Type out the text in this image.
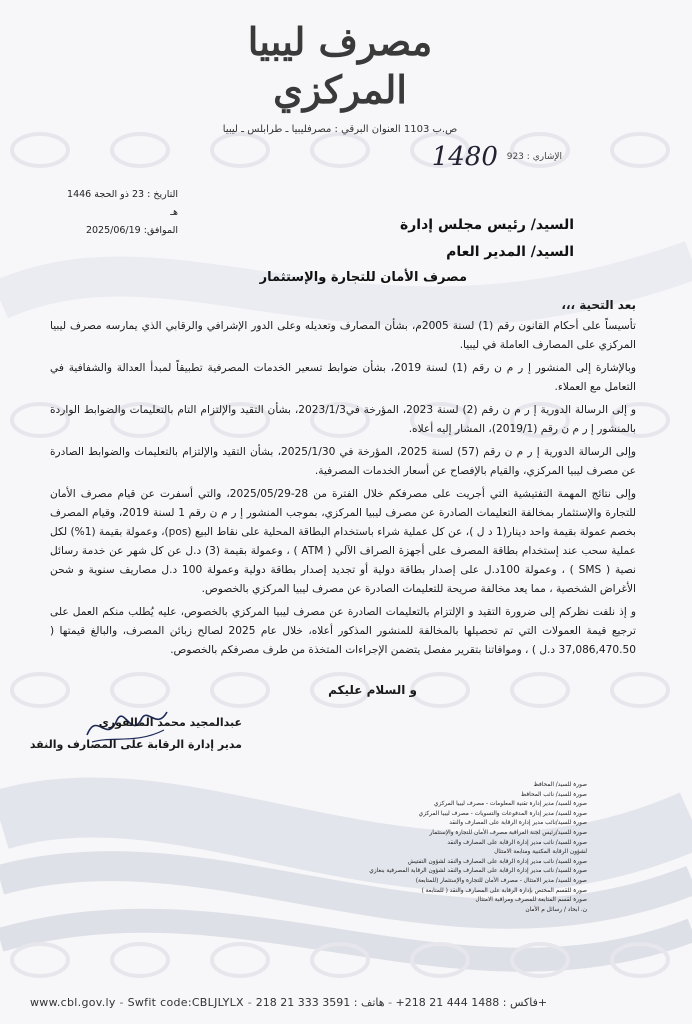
مصرف ليبيا المركزي
ص.ب 1103 العنوان البرقي : مصرفليبيا ـ طرابلس ـ ليبيا
الإشاري : 923 1480
التاريخ : 23 ذو الحجة 1446 هـ
الموافق: 2025/06/19	السيد/ رئيس مجلس إدارة
السيد/ المدير العام
مصرف الأمان للتجارة والإستثمار

بعد التحية ،،،

تأسيساً على أحكام القانون رقم (1) لسنة 2005م، بشأن المصارف وتعديله وعلى الدور الإشرافي والرقابي الذي يمارسه مصرف ليبيا المركزي على المصارف العاملة في ليبيا.

وبالإشارة إلى المنشور إ ر م ن رقم (1) لسنة 2019، بشأن ضوابط تسعير الخدمات المصرفية تطبيقاً لمبدأ العدالة والشفافية في التعامل مع العملاء.

و إلى الرسالة الدورية إ ر م ن رقم (2) لسنة 2023، المؤرخة في2023/1/3، بشأن التقيد والإلتزام التام بالتعليمات والضوابط الواردة بالمنشور إ ر م ن رقم (2019/1)، المشار إليه أعلاه.

وإلى الرسالة الدورية إ ر م ن رقم (57) لسنة 2025، المؤرخة في 2025/1/30، بشأن التقيد والإلتزام بالتعليمات والضوابط الصادرة عن مصرف ليبيا المركزي، والقيام بالإفصاح عن أسعار الخدمات المصرفية.

وإلى نتائج المهمة التفتيشية التي أجريت على مصرفكم خلال الفترة من 28-2025/05/29، والتي أسفرت عن قيام مصرف الأمان للتجارة والإستثمار بمخالفة التعليمات الصادرة عن مصرف ليبيا المركزي، بموجب المنشور إ ر م ن رقم 1 لسنة 2019، وقيام المصرف بخصم عمولة بقيمة واحد دينار(1 د ل )، عن كل عملية شراء باستخدام البطاقة المحلية على نقاط البيع (pos)، وعمولة بقيمة (1%) لكل عملية سحب عند إستخدام بطاقة المصرف على أجهزة الصراف الآلي ( ATM ) ، وعمولة بقيمة (3) د.ل عن كل شهر عن خدمة رسائل نصية ( SMS ) ، وعمولة 100د.ل على إصدار بطاقة دولية أو تجديد إصدار بطاقة دولية وعمولة 100 د.ل مصاريف سنوية و شحن الأغراض الشخصية ، مما يعد مخالفة صريحة للتعليمات الصادرة عن مصرف ليبيا المركزي بالخصوص.

و إذ نلفت نظركم إلى ضرورة التقيد و الإلتزام بالتعليمات الصادرة عن مصرف ليبيا المركزي بالخصوص، عليه يُطلب منكم العمل على ترجيع قيمة العمولات التي تم تحصيلها بالمخالفة للمنشور المذكور أعلاه، خلال عام 2025 لصالح زبائن المصرف، والبالغ قيمتها ( 37,086,470.50 د.ل ) ، وموافاتنا بتقرير مفصل يتضمن الإجراءات المتخذة من طرف مصرفكم بالخصوص.

و السلام عليكم
عبدالمجيد محمد المالقوري
مدير إدارة الرقابة على المصارف والنقد
صورة للسيد/ المحافظ
صورة للسيد/ نائب المحافظ
صورة للسيد/ مدير إدارة تقنية المعلومات - مصرف ليبيا المركزي
صورة للسيد/ مدير إدارة المدفوعات والتسويات - مصرف ليبيا المركزي
صورة للسيد/نائب مدير إدارة الرقابة على المصارف والنقد
صورة للسيد/رئيس لجنة المراقبة مصرف الأمان للتجارة والإستثمار
صورة للسيد/ نائب مدير إدارة الرقابة على المصارف والنقد
لشؤون الرقابة المكتبية ومتابعة الامتثال
صورة للسيد/ نائب مدير إدارة الرقابة على المصارف والنقد لشؤون التفتيش
صورة للسيد/ نائب مدير إدارة الرقابة على المصارف والنقد لشؤون الرقابة المصرفية بنغازي
صورة للسيد/ مدير الامتثال - مصرف الأمان للتجارة والإستثمار (للمتابعة)
صورة للقسم المختص بإدارة الرقابة على المصارف والنقد ( للمتابعة )
صورة لقسم المتابعة للمصرف ومراقبة الامتثال
ن. ابحاد / رسائل م الأمان
www.cbl.gov.ly - Swfit code:CBLJLYLX -	فاكس : 1488 444 21 218+ - هاتف : 3591 333 21 218+
